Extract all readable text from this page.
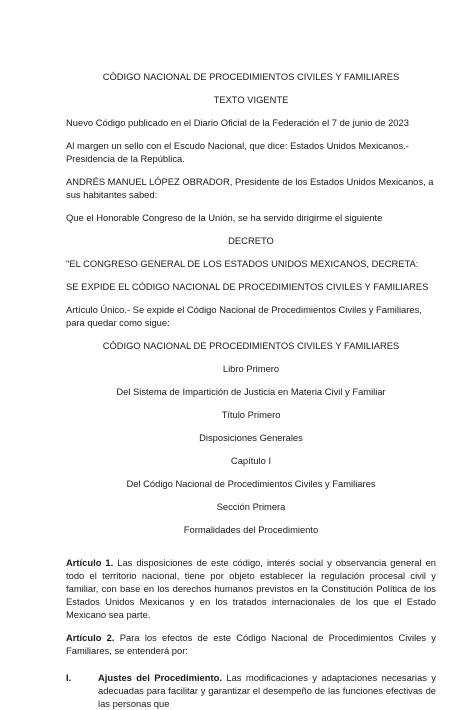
CÓDIGO NACIONAL DE PROCEDIMIENTOS CIVILES Y FAMILIARES

TEXTO VIGENTE

Nuevo Código publicado en el Diario Oficial de la Federación el 7 de junio de 2023

Al margen un sello con el Escudo Nacional, que dice: Estados Unidos Mexicanos.- Presidencia de la República.

ANDRÉS MANUEL LÓPEZ OBRADOR, Presidente de los Estados Unidos Mexicanos, a sus habitantes sabed:

Que el Honorable Congreso de la Unión, se ha servido dirigirme el siguiente

DECRETO

"EL CONGRESO GENERAL DE LOS ESTADOS UNIDOS MEXICANOS, DECRETA:

SE EXPIDE EL CÓDIGO NACIONAL DE PROCEDIMIENTOS CIVILES Y FAMILIARES

Artículo Único.- Se expide el Código Nacional de Procedimientos Civiles y Familiares, para quedar como sigue:

CÓDIGO NACIONAL DE PROCEDIMIENTOS CIVILES Y FAMILIARES

Libro Primero

Del Sistema de Impartición de Justicia en Materia Civil y Familiar

Título Primero

Disposiciones Generales

Capítulo I

Del Código Nacional de Procedimientos Civiles y Familiares

Sección Primera

Formalidades del Procedimiento

Artículo 1. Las disposiciones de este código, interés social y observancia general en todo el territorio nacional, tiene por objeto establecer la regulación procesal civil y familiar, con base en los derechos humanos previstos en la Constitución Política de los Estados Unidos Mexicanos y en los tratados internacionales de los que el Estado Mexicano sea parte.

Artículo 2. Para los efectos de este Código Nacional de Procedimientos Civiles y Familiares, se entenderá por:

I.	Ajustes del Procedimiento. Las modificaciones y adaptaciones necesarias y adecuadas para facilitar y garantizar el desempeño de las funciones efectivas de las personas que
